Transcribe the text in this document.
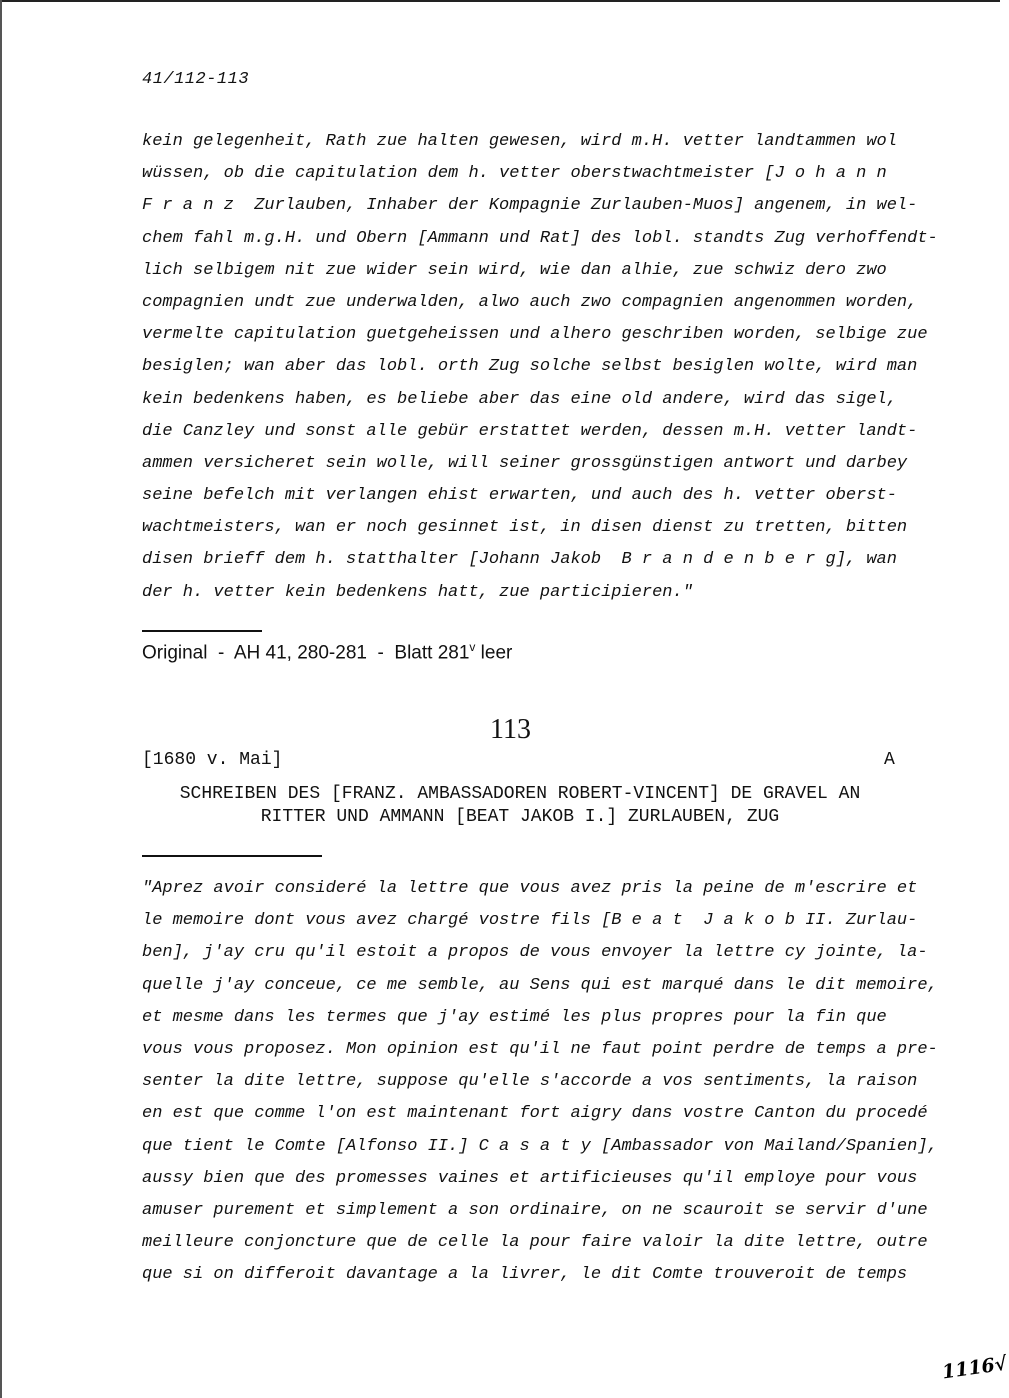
41/112-113
kein gelegenheit, Rath zue halten gewesen, wird m.H. vetter landtammen wol
wüssen, ob die capitulation dem h. vetter oberstwachtmeister [J o h a n n
F r a n z  Zurlauben, Inhaber der Kompagnie Zurlauben-Muos] angenem, in wel-
chem fahl m.g.H. und Obern [Ammann und Rat] des lobl. standts Zug verhoffendt-
lich selbigem nit zue wider sein wird, wie dan alhie, zue schwiz dero zwo
compagnien undt zue underwalden, alwo auch zwo compagnien angenommen worden,
vermelte capitulation guetgeheissen und alhero geschriben worden, selbige zue
besiglen; wan aber das lobl. orth Zug solche selbst besiglen wolte, wird man
kein bedenkens haben, es beliebe aber das eine old andere, wird das sigel,
die Canzley und sonst alle gebür erstattet werden, dessen m.H. vetter landt-
ammen versicheret sein wolle, will seiner grossgünstigen antwort und darbey
seine befelch mit verlangen ehist erwarten, und auch des h. vetter oberst-
wachtmeisters, wan er noch gesinnet ist, in disen dienst zu tretten, bitten
disen brieff dem h. statthalter [Johann Jakob  B r a n d e n b e r g], wan
der h. vetter kein bedenkens hatt, zue participieren."
Original  -  AH 41, 280-281  -  Blatt 281$^v$ leer
113
[1680 v. Mai]	A
SCHREIBEN DES [FRANZ. AMBASSADOREN ROBERT-VINCENT] DE GRAVEL AN
RITTER UND AMMANN [BEAT JAKOB I.] ZURLAUBEN, ZUG
"Aprez avoir consideré la lettre que vous avez pris la peine de m'escrire et
le memoire dont vous avez chargé vostre fils [B e a t  J a k o b II. Zurlau-
ben], j'ay cru qu'il estoit a propos de vous envoyer la lettre cy jointe, la-
quelle j'ay conceue, ce me semble, au Sens qui est marqué dans le dit memoire,
et mesme dans les termes que j'ay estimé les plus propres pour la fin que
vous vous proposez. Mon opinion est qu'il ne faut point perdre de temps a pre-
senter la dite lettre, suppose qu'elle s'accorde a vos sentiments, la raison
en est que comme l'on est maintenant fort aigry dans vostre Canton du procedé
que tient le Comte [Alfonso II.] C a s a t y [Ambassador von Mailand/Spanien],
aussy bien que des promesses vaines et artificieuses qu'il employe pour vous
amuser purement et simplement a son ordinaire, on ne scauroit se servir d'une
meilleure conjoncture que de celle la pour faire valoir la dite lettre, outre
que si on differoit davantage a la livrer, le dit Comte trouveroit de temps
1116√
